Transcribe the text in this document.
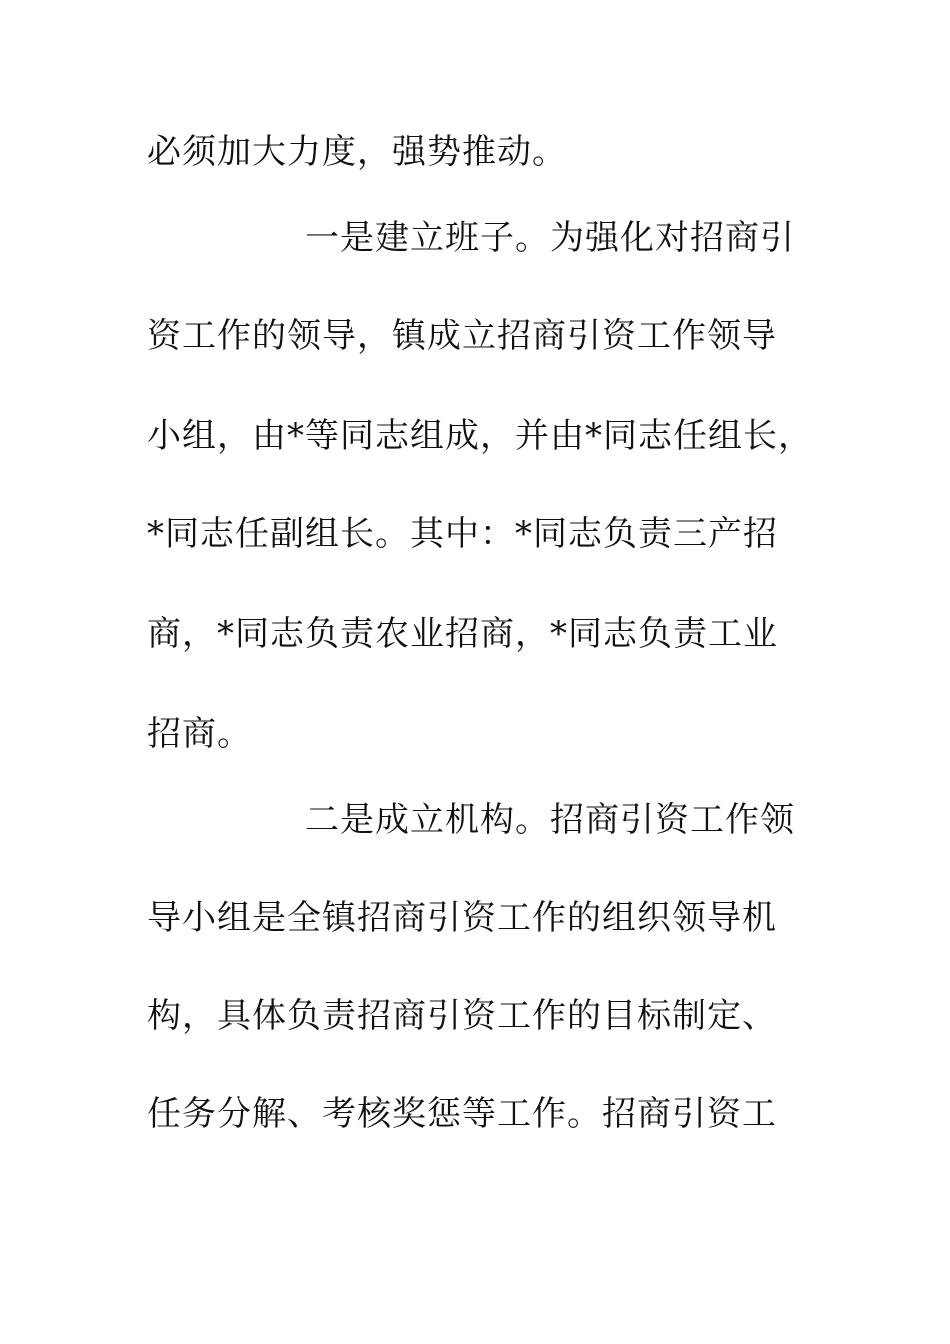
必须加大力度，强势推动。
一是建立班子。为强化对招商引
资工作的领导，镇成立招商引资工作领导
小组，由*等同志组成，并由*同志任组长，
*同志任副组长。其中：*同志负责三产招
商，*同志负责农业招商，*同志负责工业
招商。
二是成立机构。招商引资工作领
导小组是全镇招商引资工作的组织领导机
构，具体负责招商引资工作的目标制定、
任务分解、考核奖惩等工作。招商引资工
